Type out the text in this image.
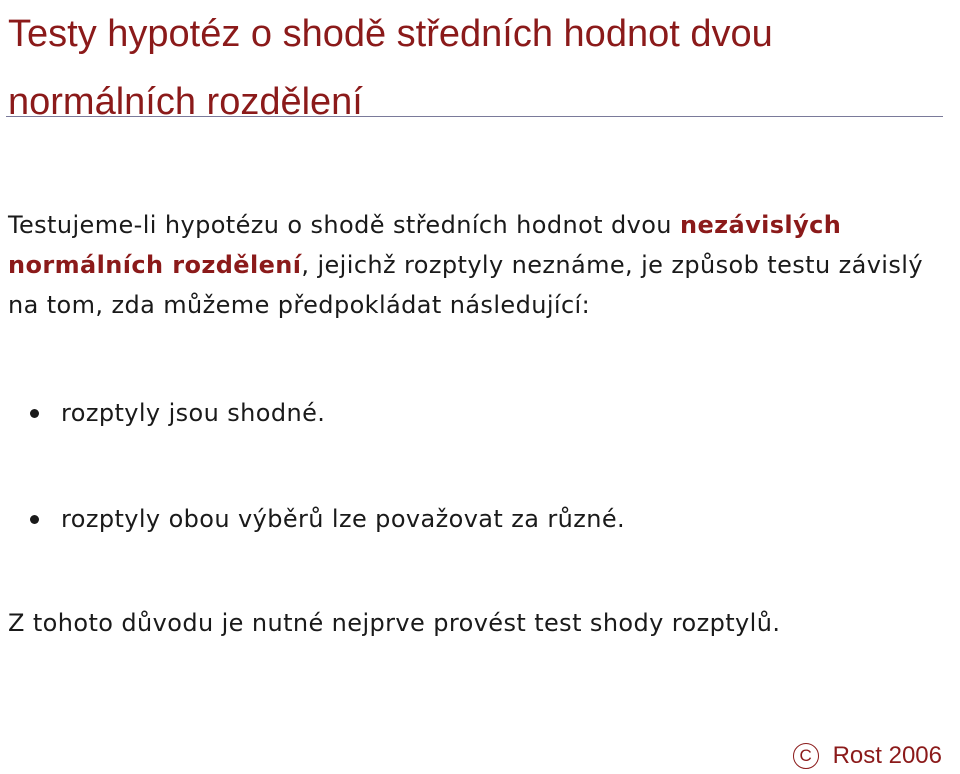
Testy hypotéz o shodě středních hodnot dvou normálních rozdělení

Testujeme-li hypotézu o shodě středních hodnot dvou nezávislých normálních rozdělení, jejichž rozptyly neznáme, je způsob testu závislý na tom, zda můžeme předpokládat následující:

rozptyly jsou shodné.
rozptyly obou výběrů lze považovat za různé.

Z tohoto důvodu je nutné nejprve provést test shody rozptylů.

C Rost 2006
